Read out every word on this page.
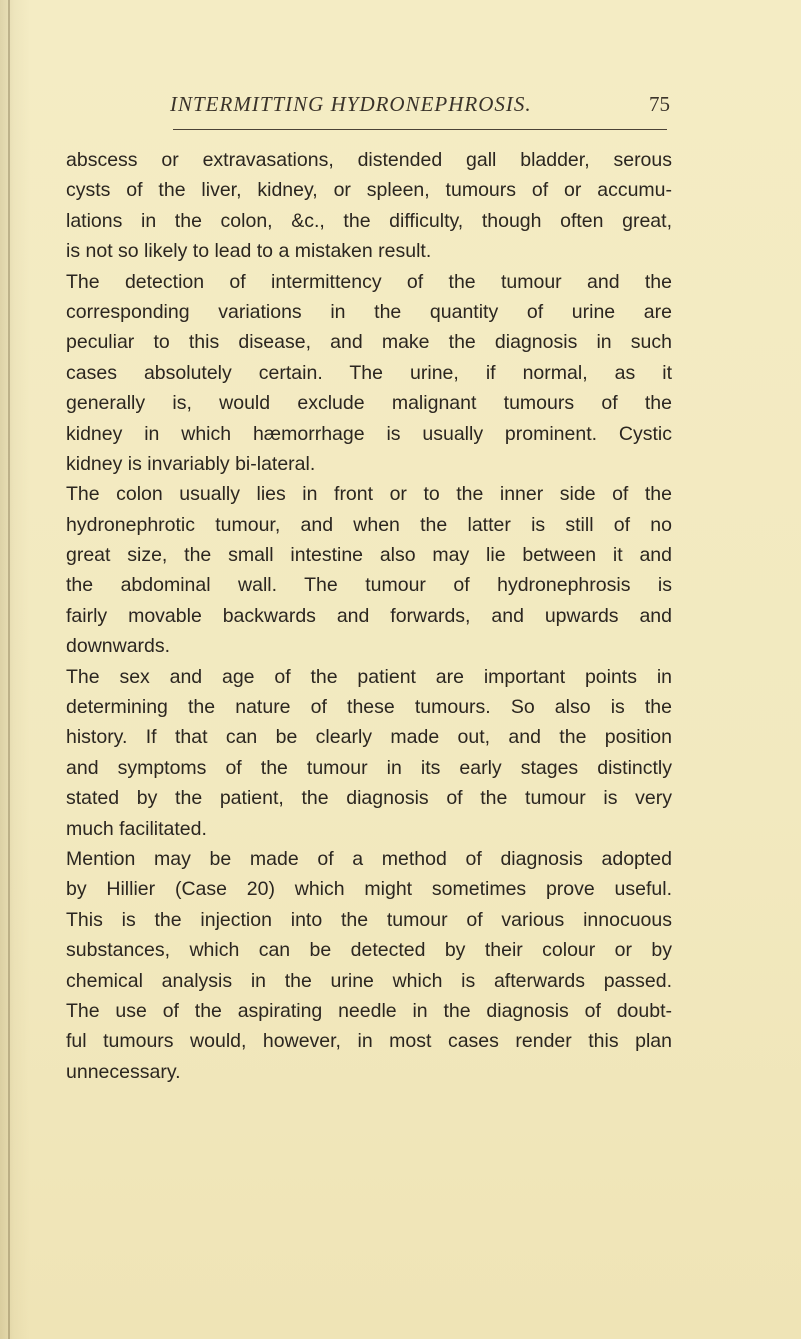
INTERMITTING HYDRONEPHROSIS.	75
abscess or extravasations, distended gall bladder, serous
cysts of the liver, kidney, or spleen, tumours of or accumu-
lations in the colon, &c., the difficulty, though often great,
is not so likely to lead to a mistaken result.
The detection of intermittency of the tumour and the
corresponding variations in the quantity of urine are
peculiar to this disease, and make the diagnosis in such
cases absolutely certain. The urine, if normal, as it
generally is, would exclude malignant tumours of the
kidney in which hæmorrhage is usually prominent. Cystic
kidney is invariably bi-lateral.
The colon usually lies in front or to the inner side of the
hydronephrotic tumour, and when the latter is still of no
great size, the small intestine also may lie between it and
the abdominal wall. The tumour of hydronephrosis is
fairly movable backwards and forwards, and upwards and
downwards.
The sex and age of the patient are important points in
determining the nature of these tumours. So also is the
history. If that can be clearly made out, and the position
and symptoms of the tumour in its early stages distinctly
stated by the patient, the diagnosis of the tumour is very
much facilitated.
Mention may be made of a method of diagnosis adopted
by Hillier (Case 20) which might sometimes prove useful.
This is the injection into the tumour of various innocuous
substances, which can be detected by their colour or by
chemical analysis in the urine which is afterwards passed.
The use of the aspirating needle in the diagnosis of doubt-
ful tumours would, however, in most cases render this plan
unnecessary.
